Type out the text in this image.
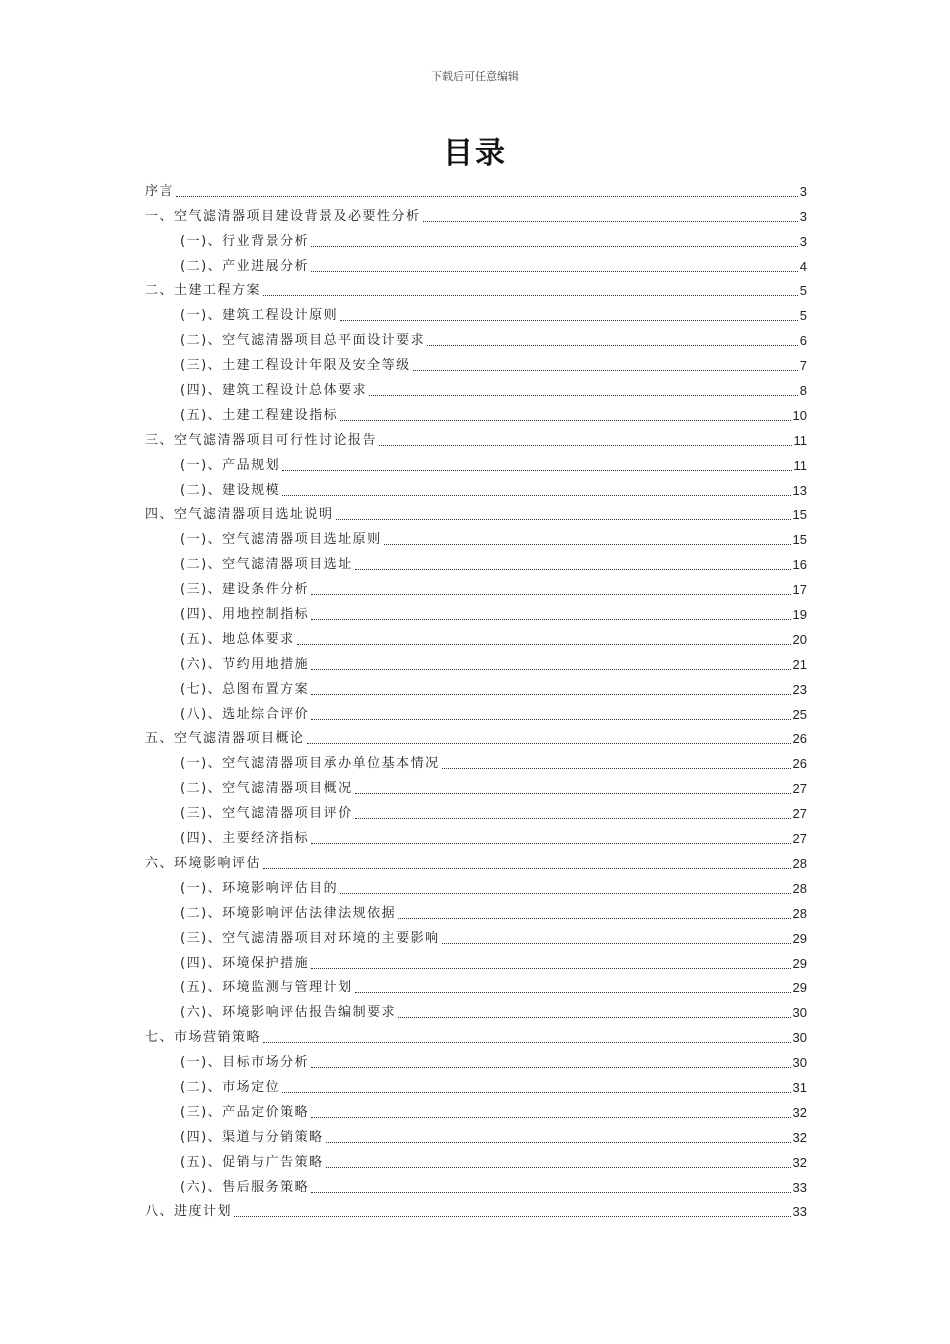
下载后可任意编辑
目录
序言	3
一、空气滤清器项目建设背景及必要性分析	3
(一)、行业背景分析	3
(二)、产业进展分析	4
二、土建工程方案	5
(一)、建筑工程设计原则	5
(二)、空气滤清器项目总平面设计要求	6
(三)、土建工程设计年限及安全等级	7
(四)、建筑工程设计总体要求	8
(五)、土建工程建设指标	10
三、空气滤清器项目可行性讨论报告	11
(一)、产品规划	11
(二)、建设规模	13
四、空气滤清器项目选址说明	15
(一)、空气滤清器项目选址原则	15
(二)、空气滤清器项目选址	16
(三)、建设条件分析	17
(四)、用地控制指标	19
(五)、地总体要求	20
(六)、节约用地措施	21
(七)、总图布置方案	23
(八)、选址综合评价	25
五、空气滤清器项目概论	26
(一)、空气滤清器项目承办单位基本情况	26
(二)、空气滤清器项目概况	27
(三)、空气滤清器项目评价	27
(四)、主要经济指标	27
六、环境影响评估	28
(一)、环境影响评估目的	28
(二)、环境影响评估法律法规依据	28
(三)、空气滤清器项目对环境的主要影响	29
(四)、环境保护措施	29
(五)、环境监测与管理计划	29
(六)、环境影响评估报告编制要求	30
七、市场营销策略	30
(一)、目标市场分析	30
(二)、市场定位	31
(三)、产品定价策略	32
(四)、渠道与分销策略	32
(五)、促销与广告策略	32
(六)、售后服务策略	33
八、进度计划	33
